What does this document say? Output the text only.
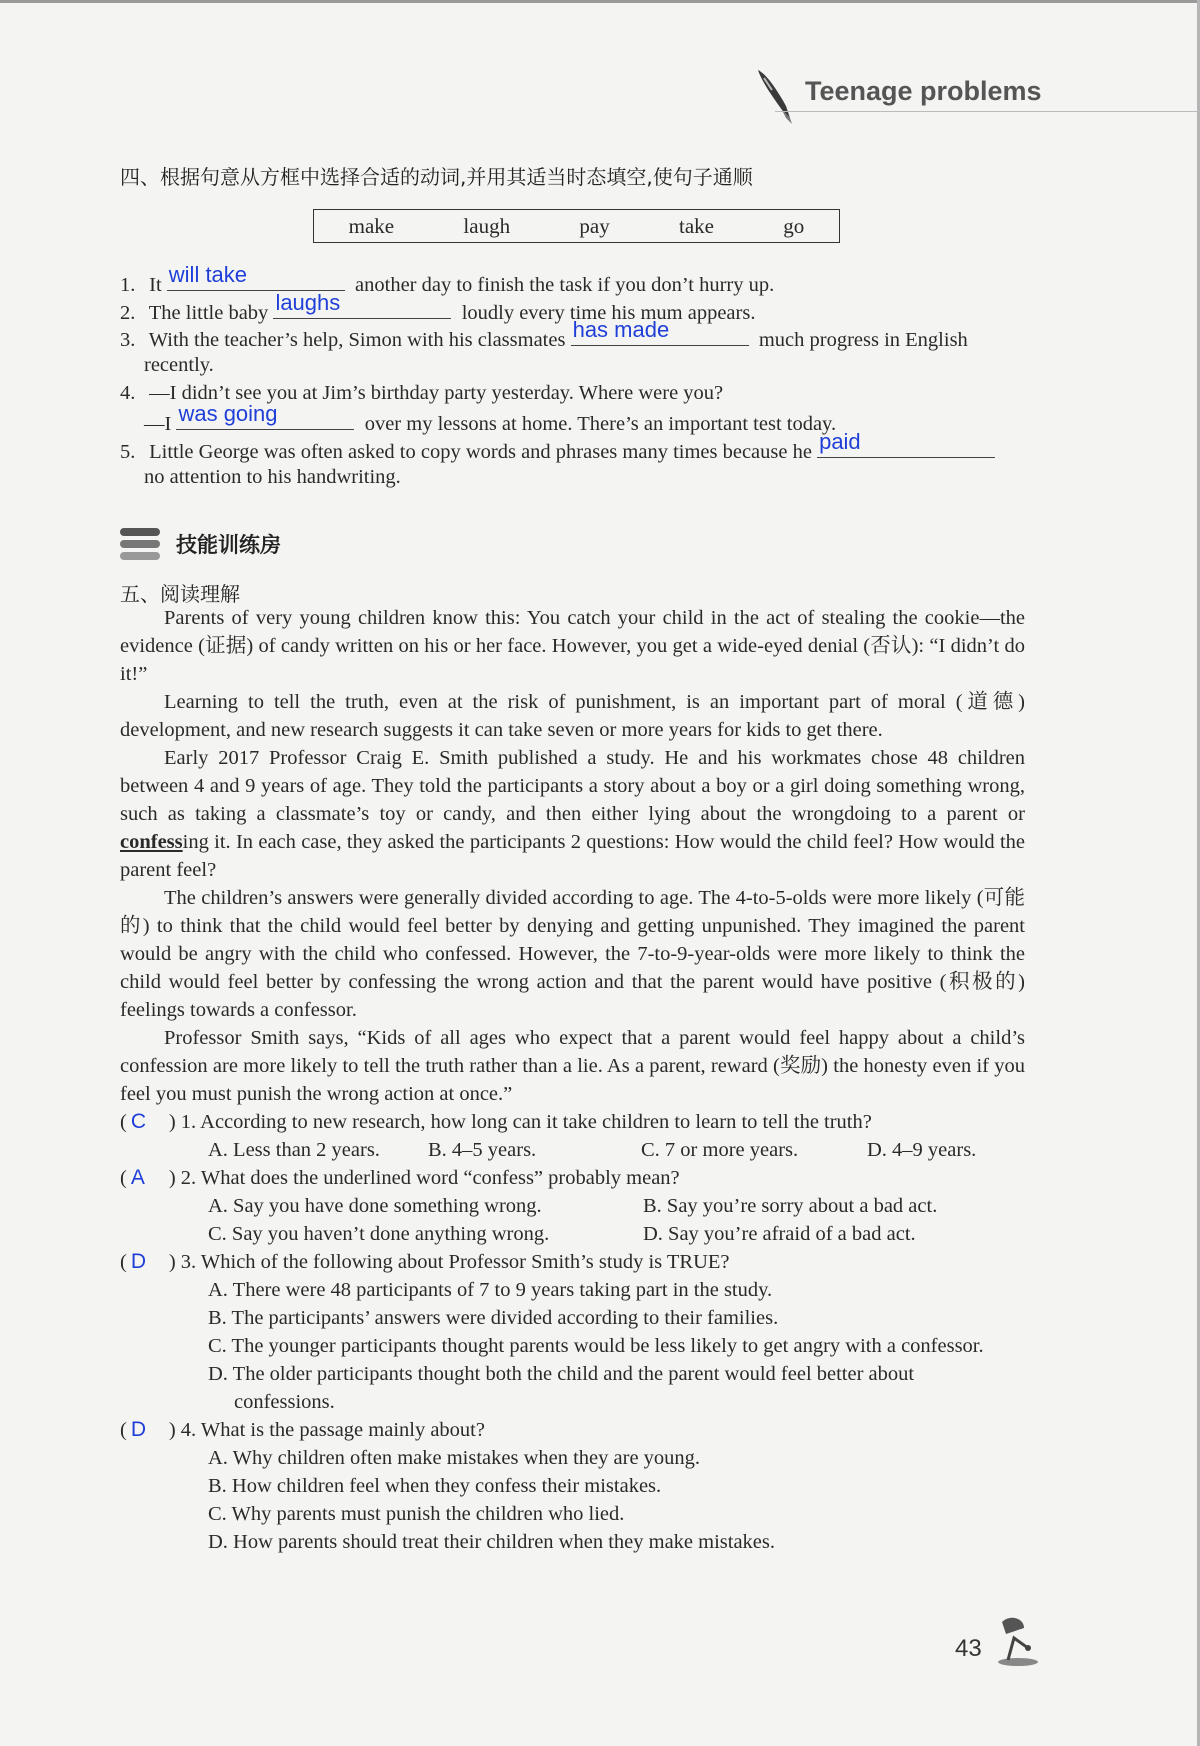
Teenage problems
四、根据句意从方框中选择合适的动词,并用其适当时态填空,使句子通顺
make	laugh	pay	take	go
1. It will take	another day to finish the task if you don’t hurry up.
2. The little baby laughs	loudly every time his mum appears.
3. With the teacher’s help, Simon with his classmates has made	much progress in English
recently.
4. —I didn’t see you at Jim’s birthday party yesterday. Where were you?
—I was going	over my lessons at home. There’s an important test today.
5. Little George was often asked to copy words and phrases many times because he paid
no attention to his handwriting.
技能训练房
五、阅读理解
Parents of very young children know this: You catch your child in the act of stealing the cookie—the evidence (证据) of candy written on his or her face. However, you get a wide-eyed denial (否认): “I didn’t do it!”
Learning to tell the truth, even at the risk of punishment, is an important part of moral (道德) development, and new research suggests it can take seven or more years for kids to get there.
Early 2017 Professor Craig E. Smith published a study. He and his workmates chose 48 children between 4 and 9 years of age. They told the participants a story about a boy or a girl doing something wrong, such as taking a classmate’s toy or candy, and then either lying about the wrongdoing to a parent or confessing it. In each case, they asked the participants 2 questions: How would the child feel? How would the parent feel?
The children’s answers were generally divided according to age. The 4-to-5-olds were more likely (可能的) to think that the child would feel better by denying and getting unpunished. They imagined the parent would be angry with the child who confessed. However, the 7-to-9-year-olds were more likely to think the child would feel better by confessing the wrong action and that the parent would have positive (积极的) feelings towards a confessor.
Professor Smith says, “Kids of all ages who expect that a parent would feel happy about a child’s confession are more likely to tell the truth rather than a lie. As a parent, reward (奖励) the honesty even if you feel you must punish the wrong action at once.”
( C ) 1. According to new research, how long can it take children to learn to tell the truth?
A. Less than 2 years. B. 4–5 years.	C. 7 or more years.	D. 4–9 years.
( A ) 2. What does the underlined word “confess” probably mean?
A. Say you have done something wrong.	B. Say you’re sorry about a bad act.
C. Say you haven’t done anything wrong.	D. Say you’re afraid of a bad act.
( D ) 3. Which of the following about Professor Smith’s study is TRUE?
A. There were 48 participants of 7 to 9 years taking part in the study.
B. The participants’ answers were divided according to their families.
C. The younger participants thought parents would be less likely to get angry with a confessor.
D. The older participants thought both the child and the parent would feel better about
confessions.
( D ) 4. What is the passage mainly about?
A. Why children often make mistakes when they are young.
B. How children feel when they confess their mistakes.
C. Why parents must punish the children who lied.
D. How parents should treat their children when they make mistakes.
43
